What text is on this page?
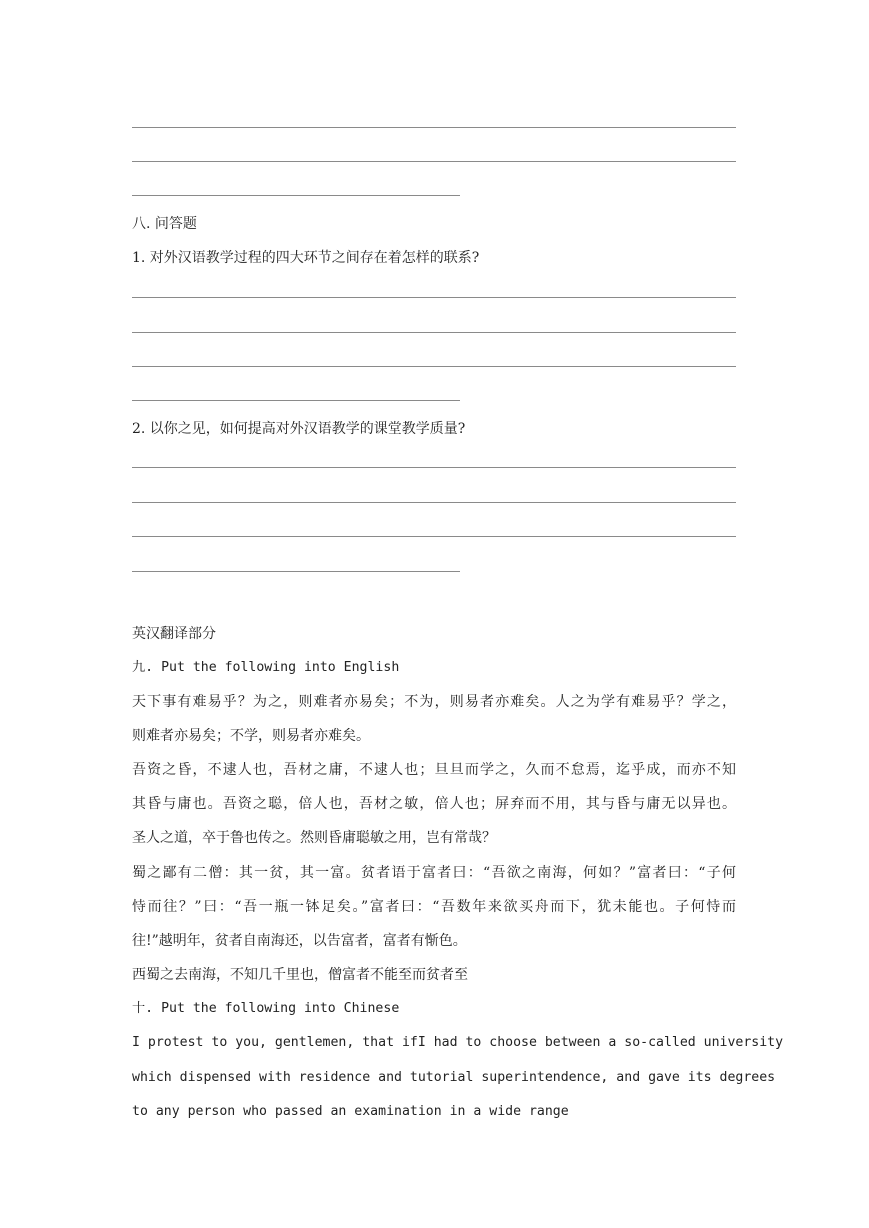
八. 问答题
1. 对外汉语教学过程的四大环节之间存在着怎样的联系?
2. 以你之见，如何提高对外汉语教学的课堂教学质量?
英汉翻译部分
九. Put the following into English
天下事有难易乎？为之，则难者亦易矣；不为，则易者亦难矣。人之为学有难易乎？学之，
则难者亦易矣；不学，则易者亦难矣。
吾资之昏，不逮人也，吾材之庸，不逮人也；旦旦而学之，久而不怠焉，迄乎成，而亦不知
其昏与庸也。吾资之聪，倍人也，吾材之敏，倍人也；屏弃而不用，其与昏与庸无以异也。
圣人之道，卒于鲁也传之。然则昏庸聪敏之用，岂有常哉？
蜀之鄙有二僧：其一贫，其一富。贫者语于富者曰：“吾欲之南海，何如？”富者曰：“子何
恃而往？”曰：“吾一瓶一钵足矣。”富者曰：“吾数年来欲买舟而下，犹未能也。子何恃而
往!”越明年，贫者自南海还，以告富者，富者有惭色。
西蜀之去南海，不知几千里也，僧富者不能至而贫者至
十. Put the following into Chinese
I protest to you, gentlemen, that ifI had to choose between a so-called university
which dispensed with residence and tutorial superintendence, and gave its degrees
to any person who passed an examination in a wide range
